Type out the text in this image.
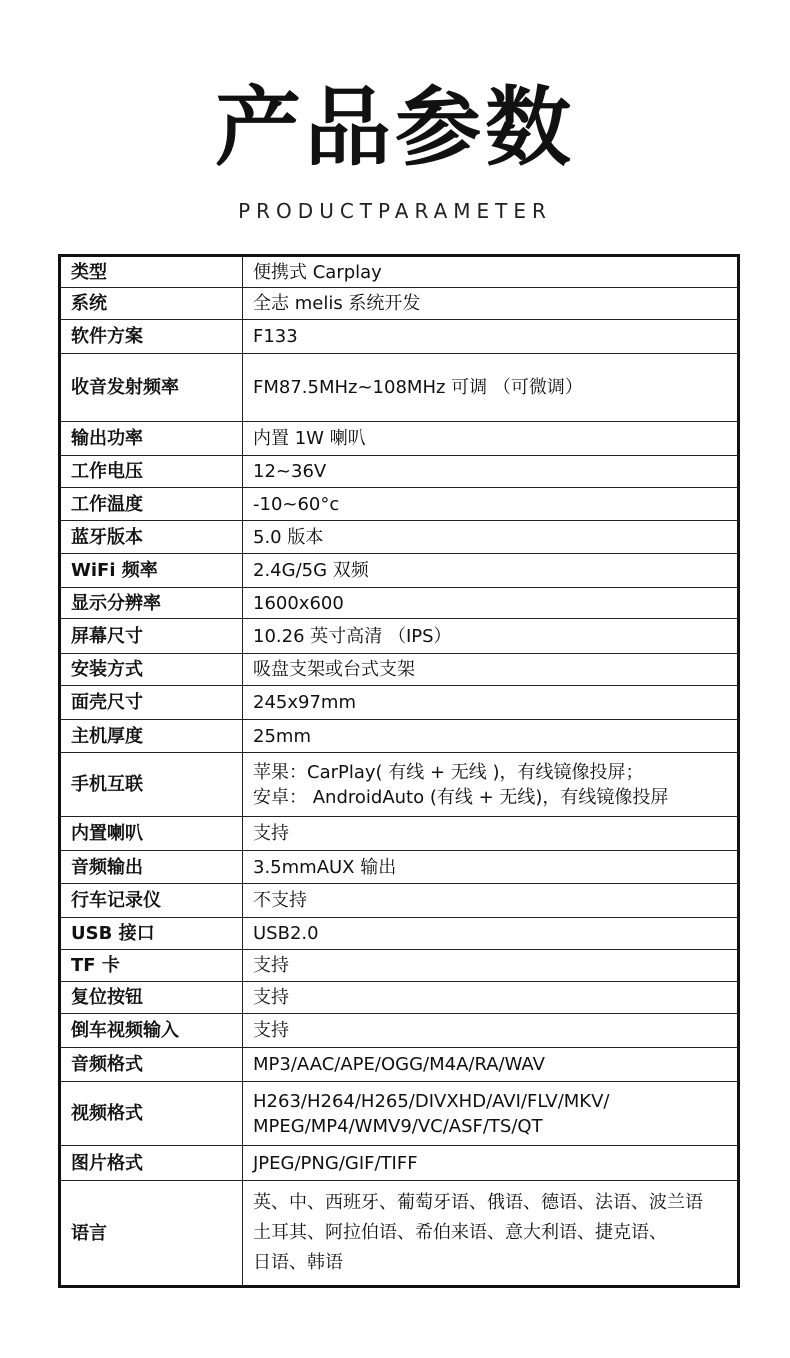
产品参数
PRODUCTPARAMETER
类型	便携式 Carplay
系统	全志 melis 系统开发
软件方案	F133
收音发射频率	FM87.5MHz~108MHz 可调 （可微调）
输出功率	内置 1W 喇叭
工作电压	12~36V
工作温度	-10~60°c
蓝牙版本	5.0 版本
WiFi 频率	2.4G/5G 双频
显示分辨率	1600x600
屏幕尺寸	10.26 英寸高清 （IPS）
安装方式	吸盘支架或台式支架
面壳尺寸	245x97mm
主机厚度	25mm
手机互联	苹果：CarPlay( 有线 + 无线 )，有线镜像投屏；
安卓： AndroidAuto (有线 + 无线)，有线镜像投屏

内置喇叭	支持
音频输出	3.5mmAUX 输出
行车记录仪	不支持
USB 接口	USB2.0
TF 卡	支持
复位按钮	支持
倒车视频输入	支持
音频格式	MP3/AAC/APE/OGG/M4A/RA/WAV
视频格式	H263/H264/H265/DIVXHD/AVI/FLV/MKV/
MPEG/MP4/WMV9/VC/ASF/TS/QT

图片格式	JPEG/PNG/GIF/TIFF
语言	英、中、西班牙、葡萄牙语、俄语、德语、法语、波兰语
土耳其、阿拉伯语、希伯来语、意大利语、捷克语、
日语、韩语
